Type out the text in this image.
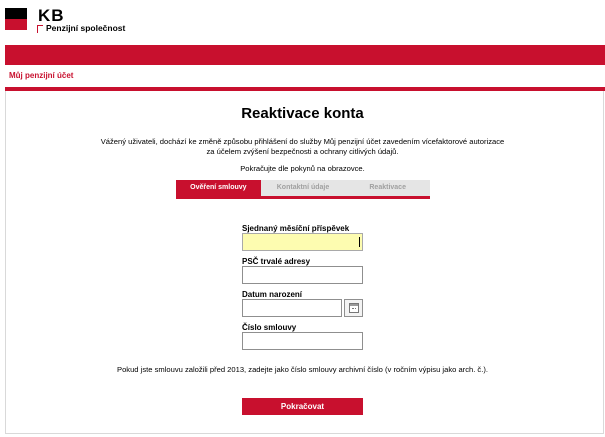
KB
Penzijní společnost
Můj penzijní účet
Reaktivace konta
Vážený uživateli, dochází ke změně způsobu přihlášení do služby Můj penzijní účet zavedením vícefaktorové autorizace
za účelem zvýšení bezpečnosti a ochrany citlivých údajů.
Pokračujte dle pokynů na obrazovce.
Ověření smlouvy	Kontaktní údaje	Reaktivace
Sjednaný měsíční příspěvek
PSČ trvalé adresy
Datum narození
Číslo smlouvy
Pokud jste smlouvu založili před 2013, zadejte jako číslo smlouvy archivní číslo (v ročním výpisu jako arch. č.).
Pokračovat
